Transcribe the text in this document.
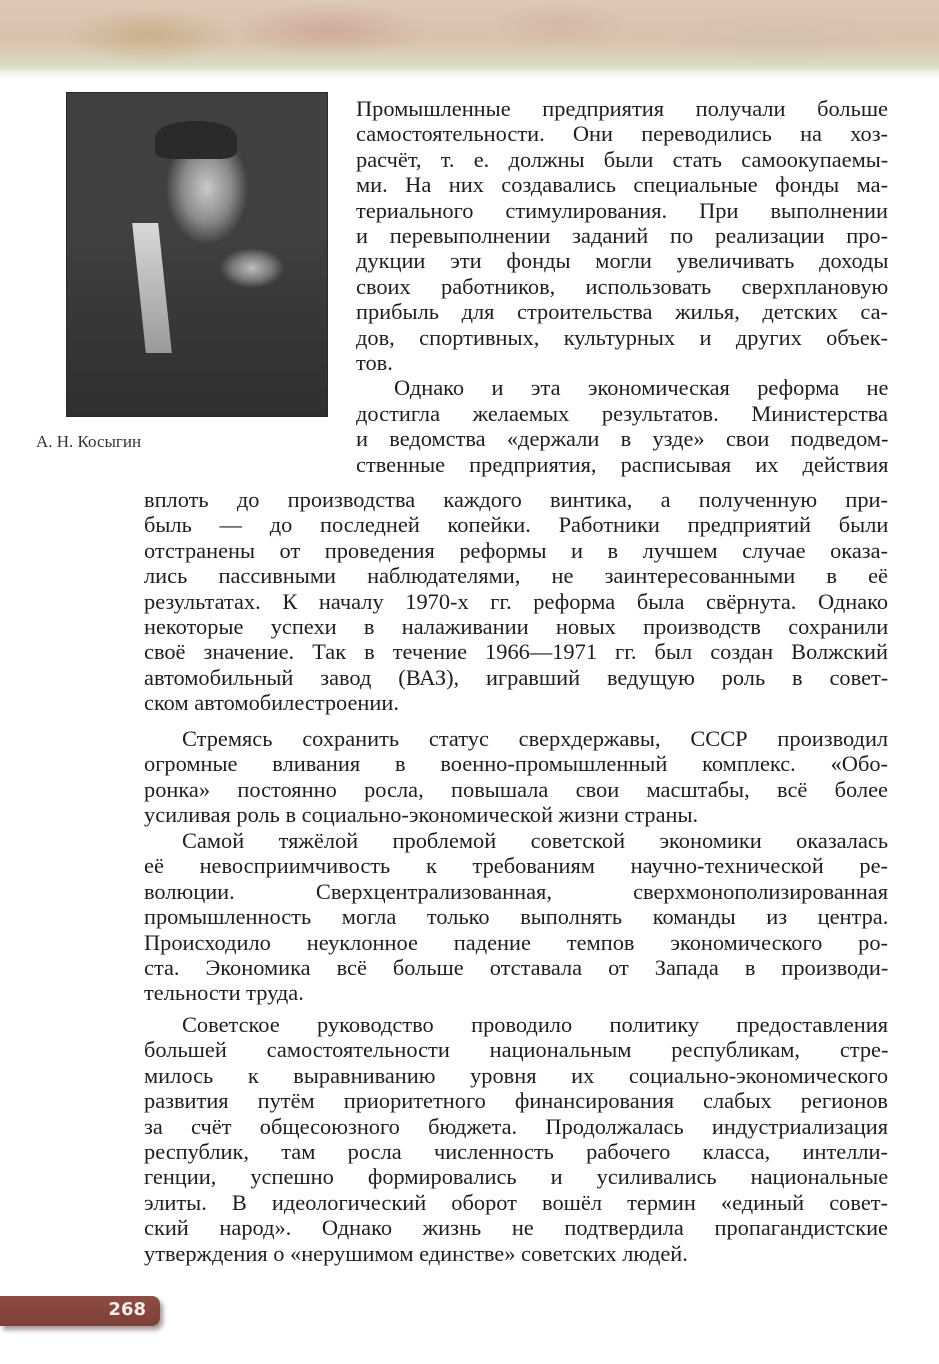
А. Н. Косыгин
Промышленные предприятия получали больше
самостоятельности. Они переводились на хоз-
расчёт, т. е. должны были стать самоокупаемы-
ми. На них создавались специальные фонды ма-
териального стимулирования. При выполнении
и перевыполнении заданий по реализации про-
дукции эти фонды могли увеличивать доходы
своих работников, использовать сверхплановую
прибыль для строительства жилья, детских са-
дов, спортивных, культурных и других объек-
тов.
Однако и эта экономическая реформа не
достигла желаемых результатов. Министерства
и ведомства «держали в узде» свои подведом-
ственные предприятия, расписывая их действия
вплоть до производства каждого винтика, а полученную при-
быль — до последней копейки. Работники предприятий были
отстранены от проведения реформы и в лучшем случае оказа-
лись пассивными наблюдателями, не заинтересованными в её
результатах. К началу 1970-х гг. реформа была свёрнута. Однако
некоторые успехи в налаживании новых производств сохранили
своё значение. Так в течение 1966—1971 гг. был создан Волжский
автомобильный завод (ВАЗ), игравший ведущую роль в совет-
ском автомобилестроении.
Стремясь сохранить статус сверхдержавы, СССР производил
огромные вливания в военно-промышленный комплекс. «Обо-
ронка» постоянно росла, повышала свои масштабы, всё более
усиливая роль в социально-экономической жизни страны.
Самой тяжёлой проблемой советской экономики оказалась
её невосприимчивость к требованиям научно-технической ре-
волюции. Сверхцентрализованная, сверхмонополизированная
промышленность могла только выполнять команды из центра.
Происходило неуклонное падение темпов экономического ро-
ста. Экономика всё больше отставала от Запада в производи-
тельности труда.
Советское руководство проводило политику предоставления
большей самостоятельности национальным республикам, стре-
милось к выравниванию уровня их социально-экономического
развития путём приоритетного финансирования слабых регионов
за счёт общесоюзного бюджета. Продолжалась индустриализация
республик, там росла численность рабочего класса, интелли-
генции, успешно формировались и усиливались национальные
элиты. В идеологический оборот вошёл термин «единый совет-
ский народ». Однако жизнь не подтвердила пропагандистские
утверждения о «нерушимом единстве» советских людей.
268
